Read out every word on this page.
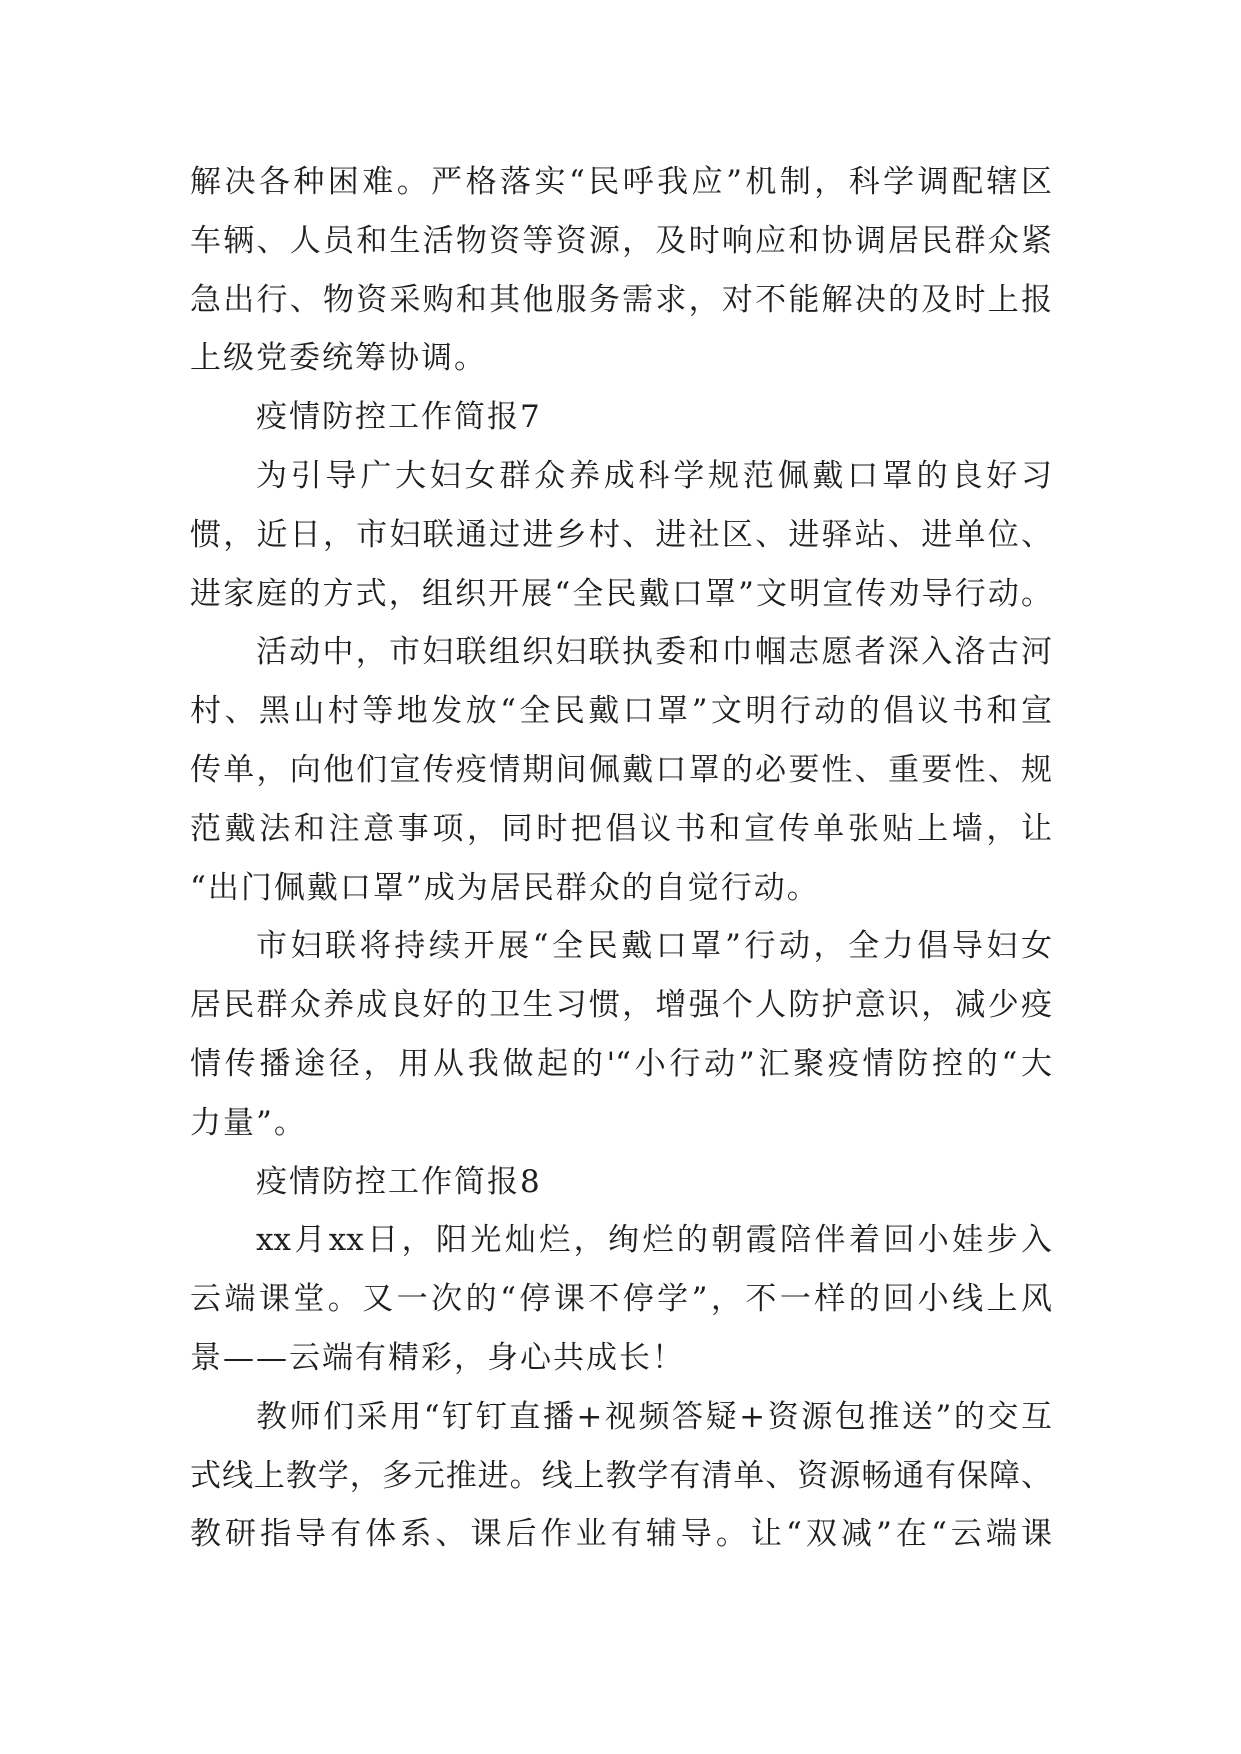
解决各种困难。严格落实“民呼我应”机制，科学调配辖区
车辆、人员和生活物资等资源，及时响应和协调居民群众紧
急出行、物资采购和其他服务需求，对不能解决的及时上报
上级党委统筹协调。
疫情防控工作简报7
为引导广大妇女群众养成科学规范佩戴口罩的良好习
惯，近日，市妇联通过进乡村、进社区、进驿站、进单位、
进家庭的方式，组织开展“全民戴口罩”文明宣传劝导行动。
活动中，市妇联组织妇联执委和巾帼志愿者深入洛古河
村、黑山村等地发放“全民戴口罩”文明行动的倡议书和宣
传单，向他们宣传疫情期间佩戴口罩的必要性、重要性、规
范戴法和注意事项，同时把倡议书和宣传单张贴上墙，让
“出门佩戴口罩”成为居民群众的自觉行动。
市妇联将持续开展“全民戴口罩”行动，全力倡导妇女
居民群众养成良好的卫生习惯，增强个人防护意识，减少疫
情传播途径，用从我做起的'“小行动”汇聚疫情防控的“大
力量”。
疫情防控工作简报8
xx月xx日，阳光灿烂，绚烂的朝霞陪伴着回小娃步入
云端课堂。又一次的“停课不停学”，不一样的回小线上风
景——云端有精彩，身心共成长！
教师们采用“钉钉直播+视频答疑+资源包推送”的交互
式线上教学，多元推进。线上教学有清单、资源畅通有保障、
教研指导有体系、课后作业有辅导。让“双减”在“云端课
